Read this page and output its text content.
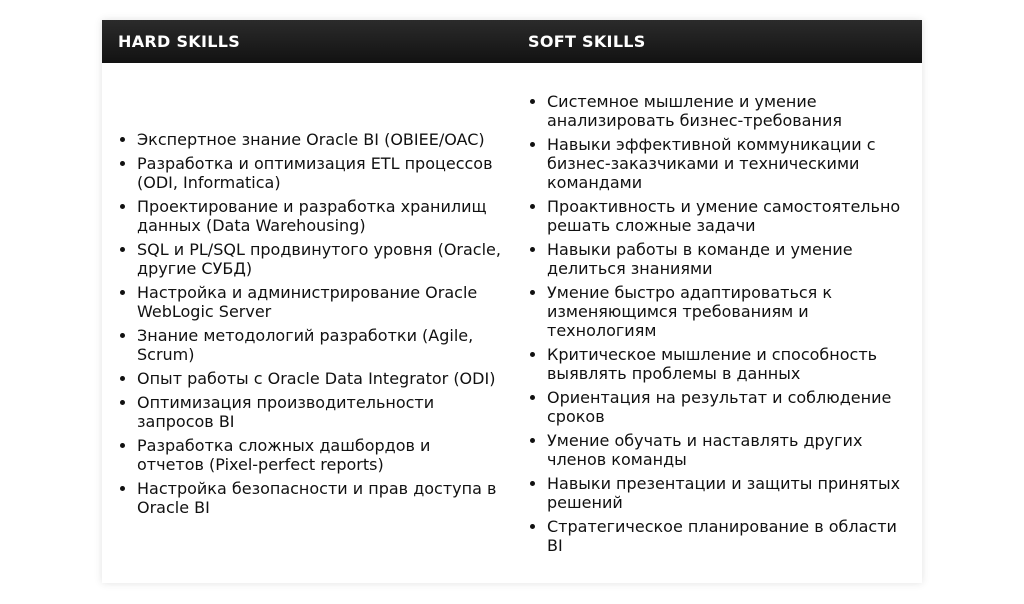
HARD SKILLS	SOFT SKILLS
• Экспертное знание Oracle BI (OBIEE/OAC)
• Разработка и оптимизация ETL процессов (ODI, Informatica)
• Проектирование и разработка хранилищ данных (Data Warehousing)
• SQL и PL/SQL продвинутого уровня (Oracle, другие СУБД)
• Настройка и администрирование Oracle WebLogic Server
• Знание методологий разработки (Agile, Scrum)
• Опыт работы с Oracle Data Integrator (ODI)
• Оптимизация производительности запросов BI
• Разработка сложных дашбордов и отчетов (Pixel-perfect reports)
• Настройка безопасности и прав доступа в Oracle BI
• Системное мышление и умение анализировать бизнес-требования
• Навыки эффективной коммуникации с бизнес-заказчиками и техническими командами
• Проактивность и умение самостоятельно решать сложные задачи
• Навыки работы в команде и умение делиться знаниями
• Умение быстро адаптироваться к изменяющимся требованиям и технологиям
• Критическое мышление и способность выявлять проблемы в данных
• Ориентация на результат и соблюдение сроков
• Умение обучать и наставлять других членов команды
• Навыки презентации и защиты принятых решений
• Стратегическое планирование в области BI
